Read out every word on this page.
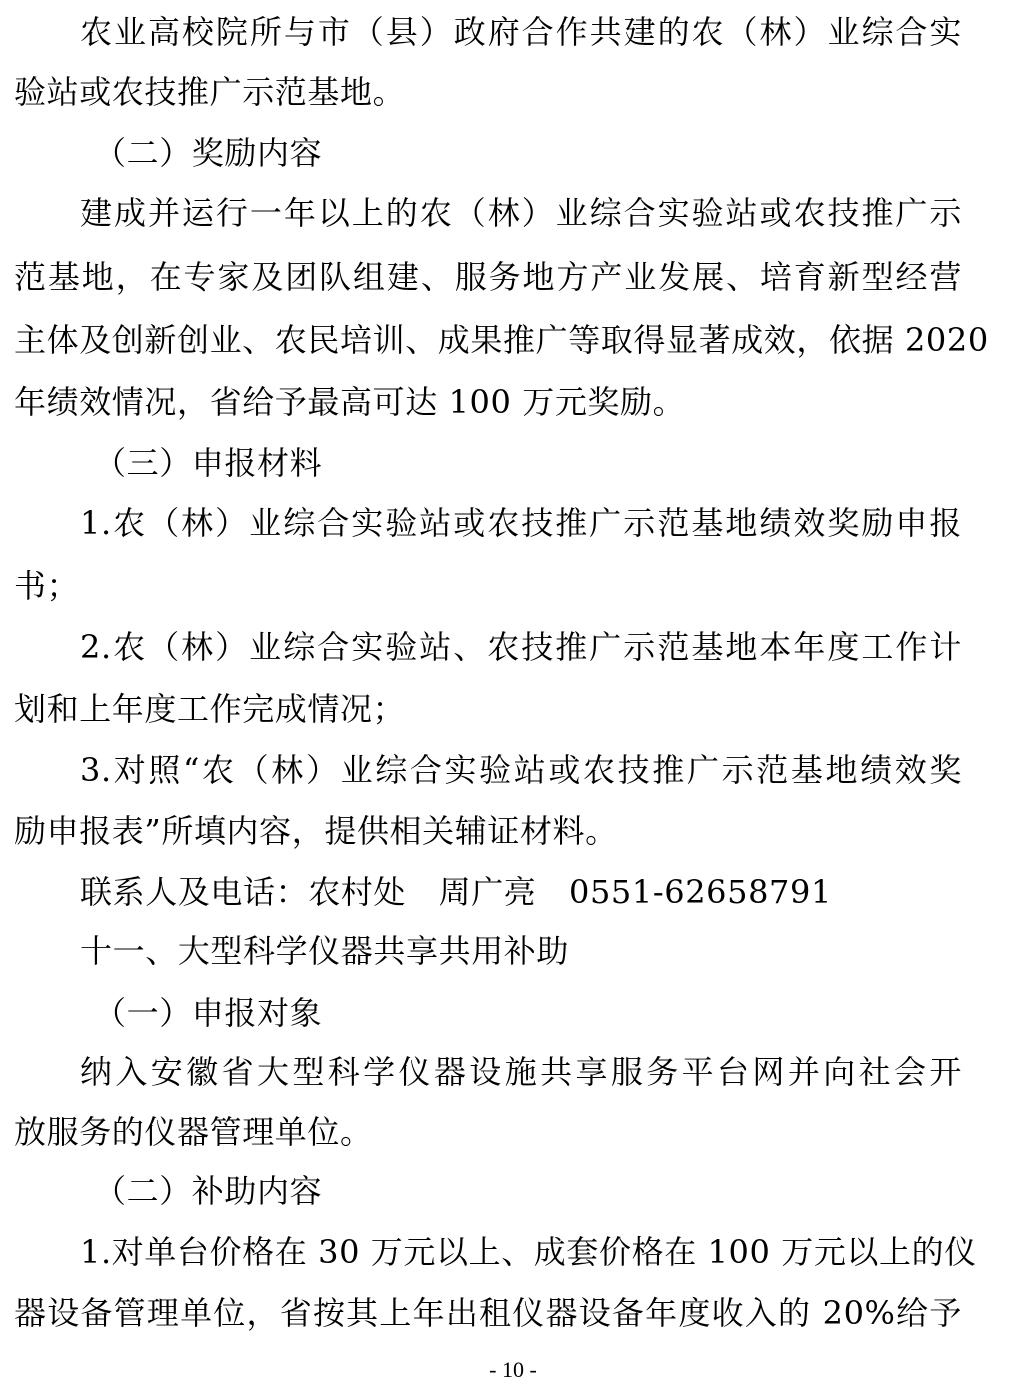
农业高校院所与市（县）政府合作共建的农（林）业综合实
验站或农技推广示范基地。
（二）奖励内容
建成并运行一年以上的农（林）业综合实验站或农技推广示
范基地，在专家及团队组建、服务地方产业发展、培育新型经营
主体及创新创业、农民培训、成果推广等取得显著成效，依据 2020
年绩效情况，省给予最高可达 100 万元奖励。
（三）申报材料
1.农（林）业综合实验站或农技推广示范基地绩效奖励申报
书；
2.农（林）业综合实验站、农技推广示范基地本年度工作计
划和上年度工作完成情况；
3.对照“农（林）业综合实验站或农技推广示范基地绩效奖
励申报表”所填内容，提供相关辅证材料。
联系人及电话：农村处　周广亮　0551-62658791
十一、大型科学仪器共享共用补助
（一）申报对象
纳入安徽省大型科学仪器设施共享服务平台网并向社会开
放服务的仪器管理单位。
（二）补助内容
1.对单台价格在 30 万元以上、成套价格在 100 万元以上的仪
器设备管理单位，省按其上年出租仪器设备年度收入的 20%给予
- 10 -
